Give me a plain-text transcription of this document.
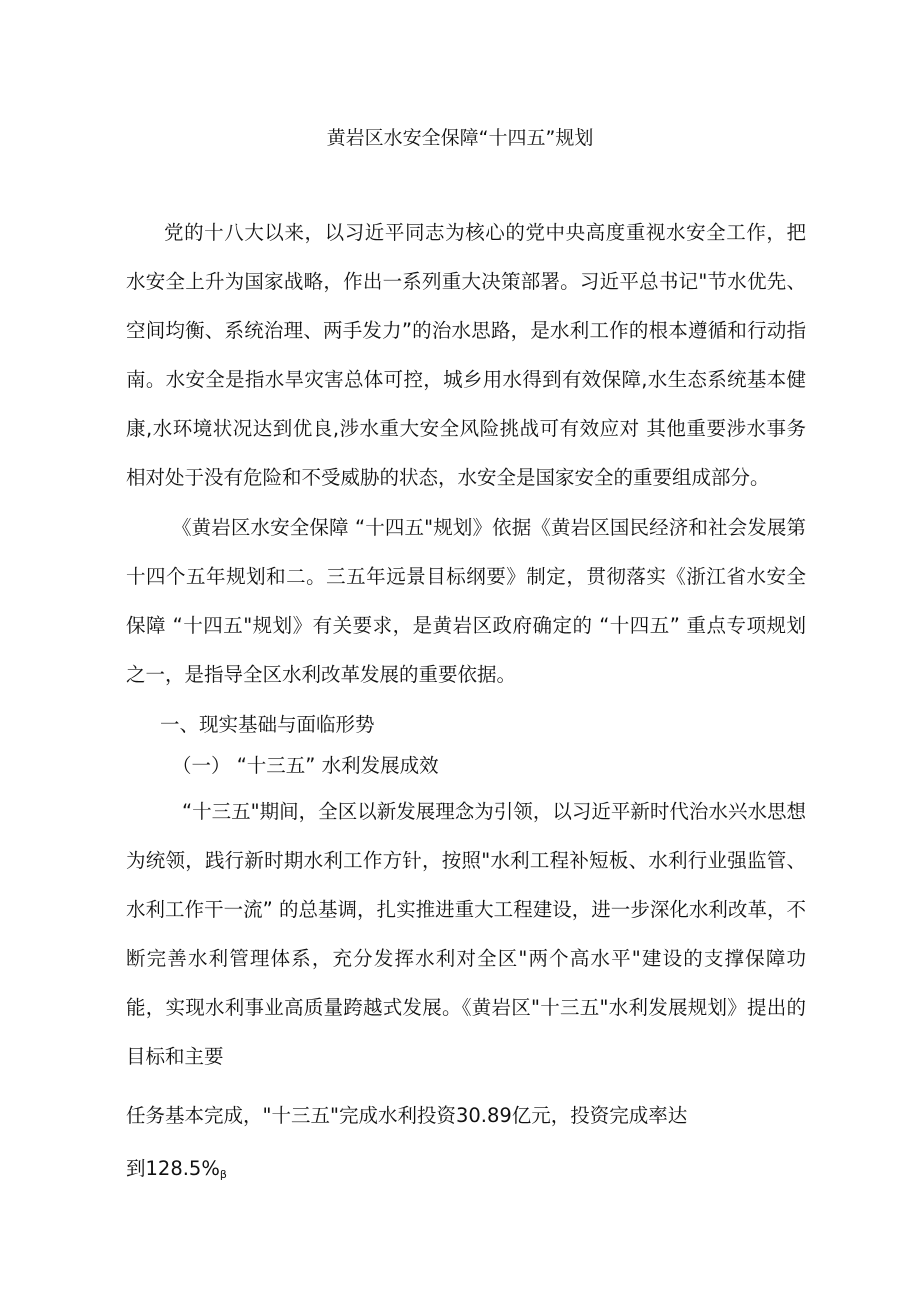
黄岩区水安全保障“十四五”规划
党的十八大以来，以习近平同志为核心的党中央高度重视水安全工作，把水安全上升为国家战略，作出一系列重大决策部署。习近平总书记"节水优先、空间均衡、系统治理、两手发力”的治水思路，是水利工作的根本遵循和行动指南。水安全是指水旱灾害总体可控，城乡用水得到有效保障,水生态系统基本健康,水环境状况达到优良,涉水重大安全风险挑战可有效应对 其他重要涉水事务相对处于没有危险和不受威胁的状态，水安全是国家安全的重要组成部分。
《黄岩区水安全保障 “十四五"规划》依据《黄岩区国民经济和社会发展第十四个五年规划和二。三五年远景目标纲要》制定，贯彻落实《浙江省水安全保障 “十四五"规划》有关要求，是黄岩区政府确定的 “十四五” 重点专项规划之一，是指导全区水利改革发展的重要依据。
一、现实基础与面临形势
（一） “十三五” 水利发展成效
“十三五"期间，全区以新发展理念为引领，以习近平新时代治水兴水思想为统领，践行新时期水利工作方针，按照"水利工程补短板、水利行业强监管、水利工作干一流” 的总基调，扎实推进重大工程建设，进一步深化水利改革，不断完善水利管理体系，充分发挥水利对全区"两个高水平"建设的支撑保障功能，实现水利事业高质量跨越式发展。《黄岩区"十三五"水利发展规划》提出的目标和主要
任务基本完成，"十三五"完成水利投资30.89亿元，投资完成率达
到128.5%β
